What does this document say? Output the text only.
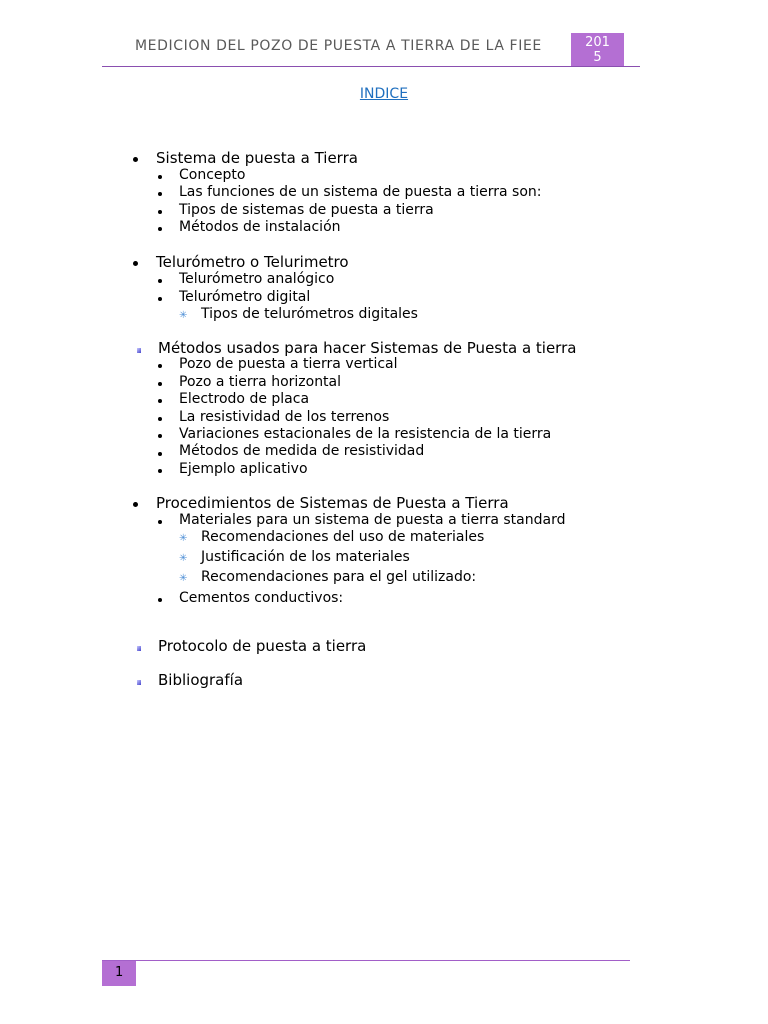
MEDICION DEL POZO DE PUESTA A TIERRA DE LA FIEE	201
5
INDICE
Sistema de puesta a Tierra
Concepto
Las funciones de un sistema de puesta a tierra son:
Tipos de sistemas de puesta a tierra
Métodos de instalación
Telurómetro o Telurimetro
Telurómetro analógico
Telurómetro digital
✳ Tipos de telurómetros digitales
Métodos usados para hacer Sistemas de Puesta a tierra
Pozo de puesta a tierra vertical
Pozo a tierra horizontal
Electrodo de placa
La resistividad de los terrenos
Variaciones estacionales de la resistencia de la tierra
Métodos de medida de resistividad
Ejemplo aplicativo
Procedimientos de Sistemas de Puesta a Tierra
Materiales para un sistema de puesta a tierra standard
✳ Recomendaciones del uso de materiales
✳ Justificación de los materiales
✳ Recomendaciones para el gel utilizado:
Cementos conductivos:
Protocolo de puesta a tierra
Bibliografía
1
